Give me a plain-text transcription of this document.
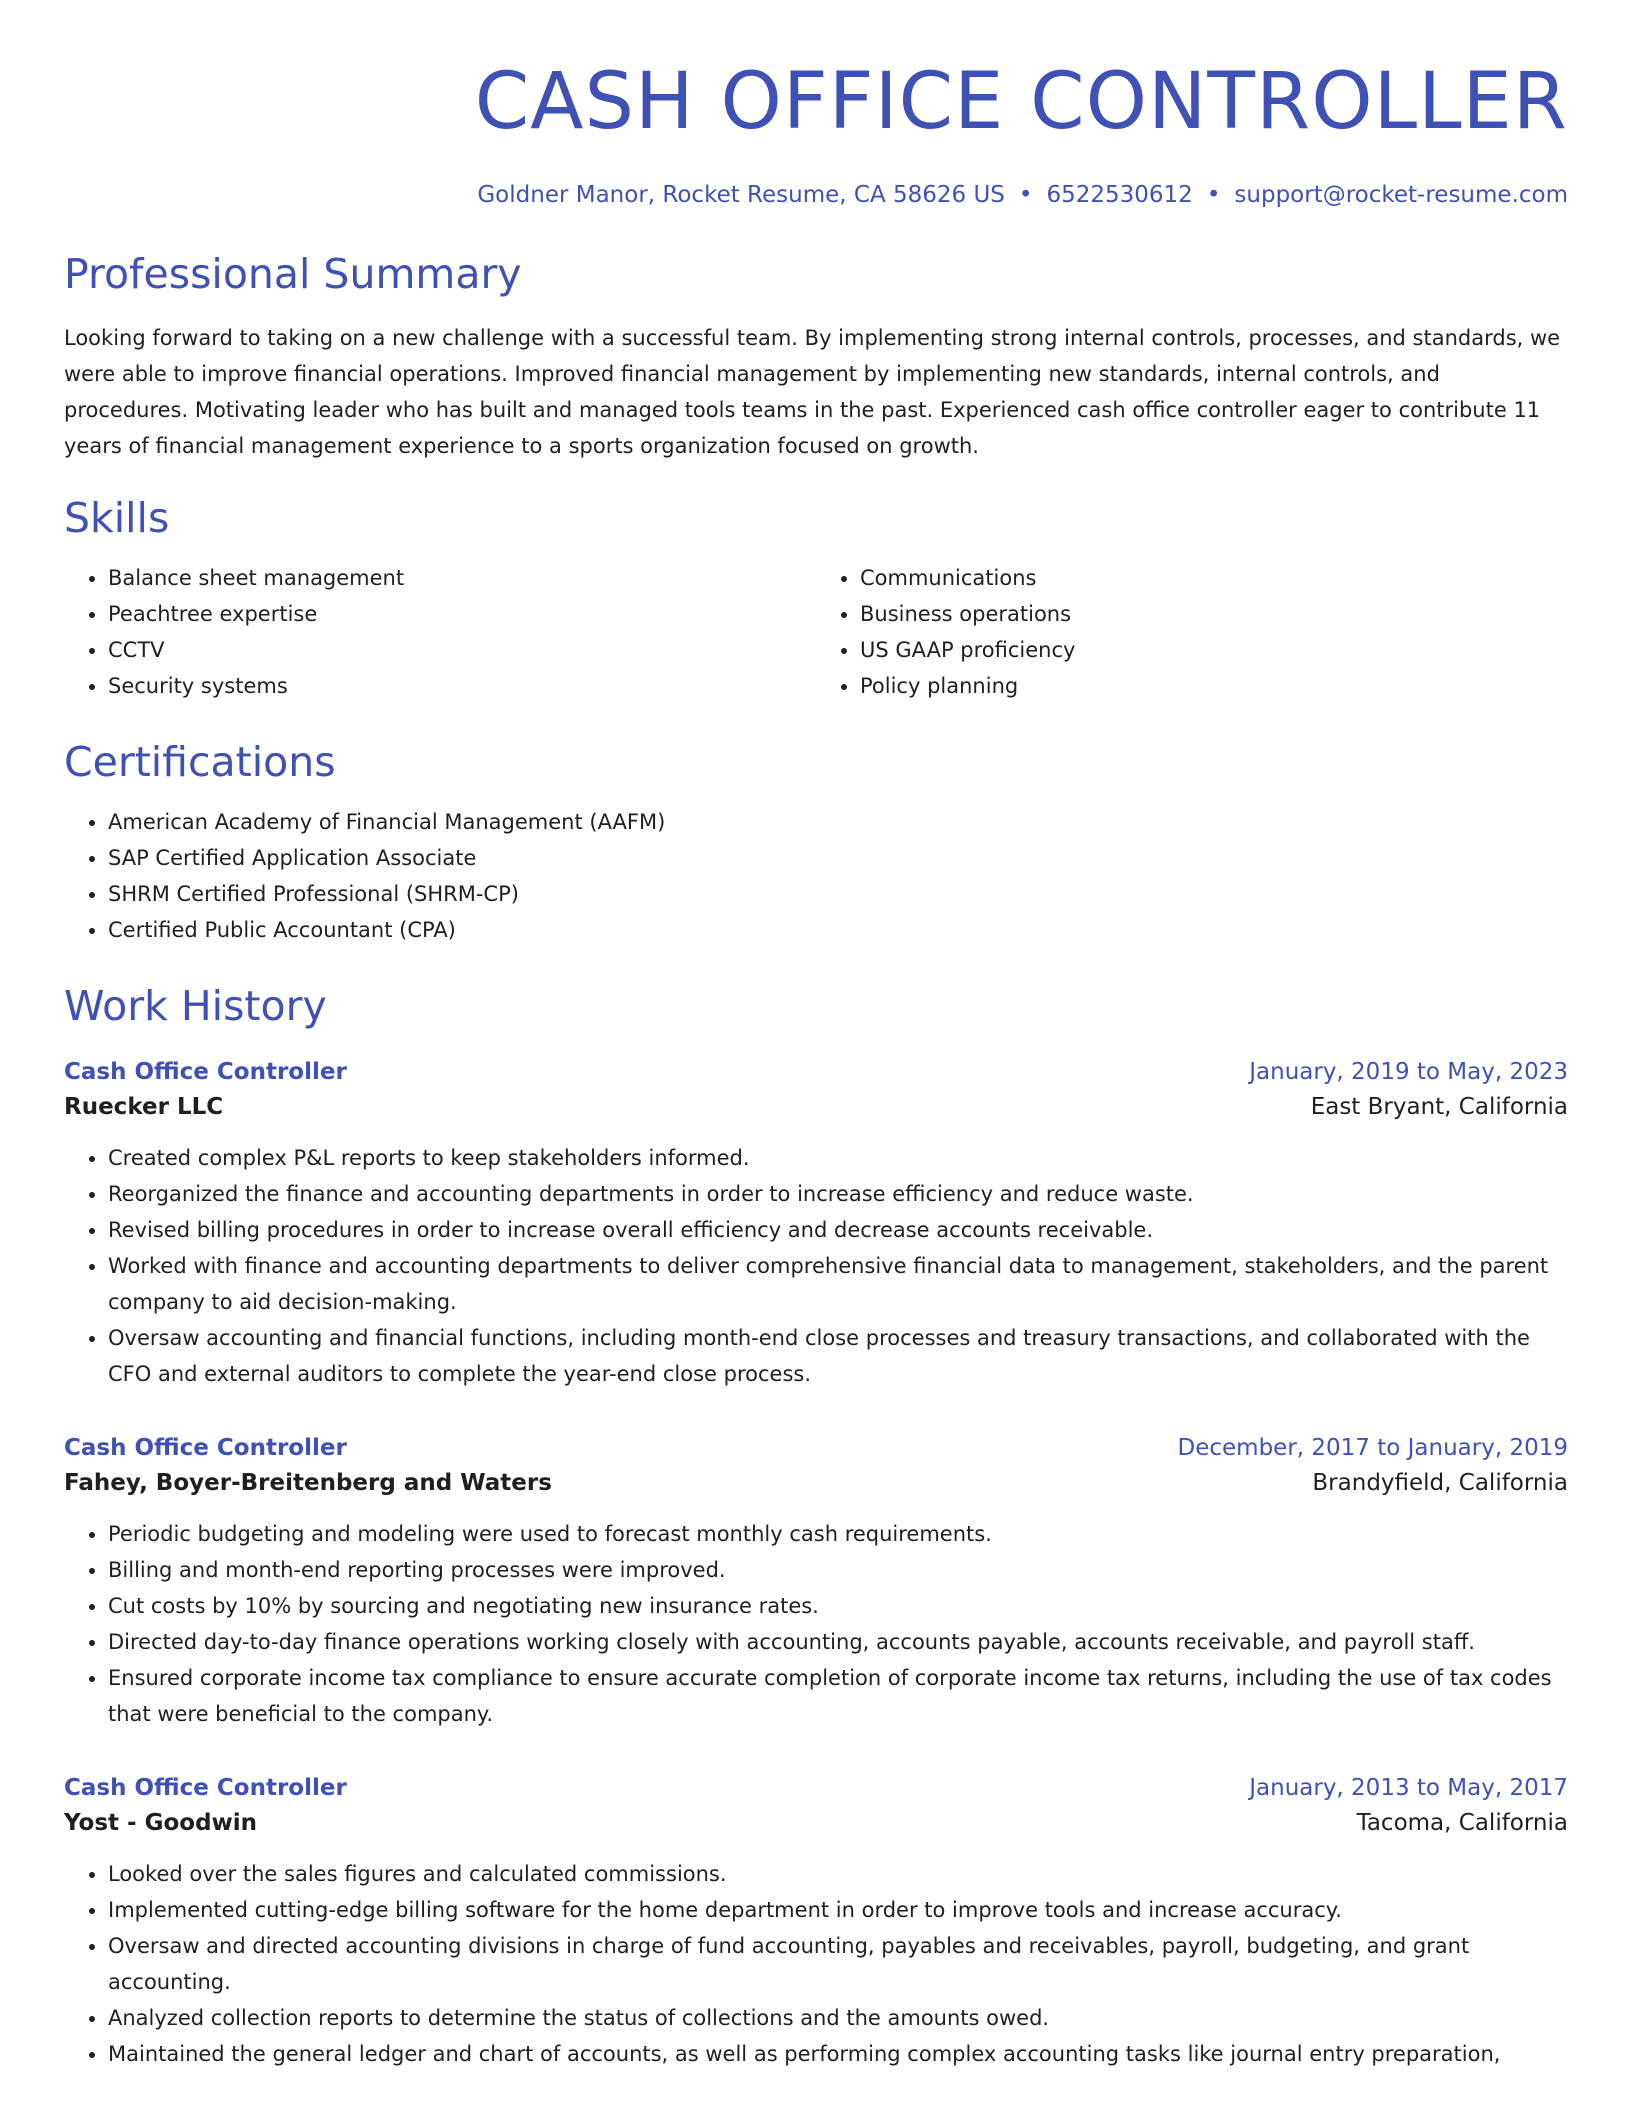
CASH OFFICE CONTROLLER
Goldner Manor, Rocket Resume, CA 58626 US • 6522530612 • support@rocket-resume.com
Professional Summary

Looking forward to taking on a new challenge with a successful team. By implementing strong internal controls, processes, and standards, we were able to improve financial operations. Improved financial management by implementing new standards, internal controls, and procedures. Motivating leader who has built and managed tools teams in the past. Experienced cash office controller eager to contribute 11 years of financial management experience to a sports organization focused on growth.

Skills
• Balance sheet management
• Peachtree expertise
• CCTV
• Security systems
• Communications
• Business operations
• US GAAP proficiency
• Policy planning
Certifications
• American Academy of Financial Management (AAFM)
• SAP Certified Application Associate
• SHRM Certified Professional (SHRM-CP)
• Certified Public Accountant (CPA)
Work History
Cash Office Controller	January, 2019 to May, 2023
Ruecker LLC	East Bryant, California
• Created complex P&L reports to keep stakeholders informed.
• Reorganized the finance and accounting departments in order to increase efficiency and reduce waste.
• Revised billing procedures in order to increase overall efficiency and decrease accounts receivable.
• Worked with finance and accounting departments to deliver comprehensive financial data to management, stakeholders, and the parent company to aid decision-making.
• Oversaw accounting and financial functions, including month-end close processes and treasury transactions, and collaborated with the CFO and external auditors to complete the year-end close process.
Cash Office Controller	December, 2017 to January, 2019
Fahey, Boyer-Breitenberg and Waters	Brandyfield, California
• Periodic budgeting and modeling were used to forecast monthly cash requirements.
• Billing and month-end reporting processes were improved.
• Cut costs by 10% by sourcing and negotiating new insurance rates.
• Directed day-to-day finance operations working closely with accounting, accounts payable, accounts receivable, and payroll staff.
• Ensured corporate income tax compliance to ensure accurate completion of corporate income tax returns, including the use of tax codes that were beneficial to the company.
Cash Office Controller	January, 2013 to May, 2017
Yost - Goodwin	Tacoma, California
• Looked over the sales figures and calculated commissions.
• Implemented cutting-edge billing software for the home department in order to improve tools and increase accuracy.
• Oversaw and directed accounting divisions in charge of fund accounting, payables and receivables, payroll, budgeting, and grant accounting.
• Analyzed collection reports to determine the status of collections and the amounts owed.
• Maintained the general ledger and chart of accounts, as well as performing complex accounting tasks like journal entry preparation,
